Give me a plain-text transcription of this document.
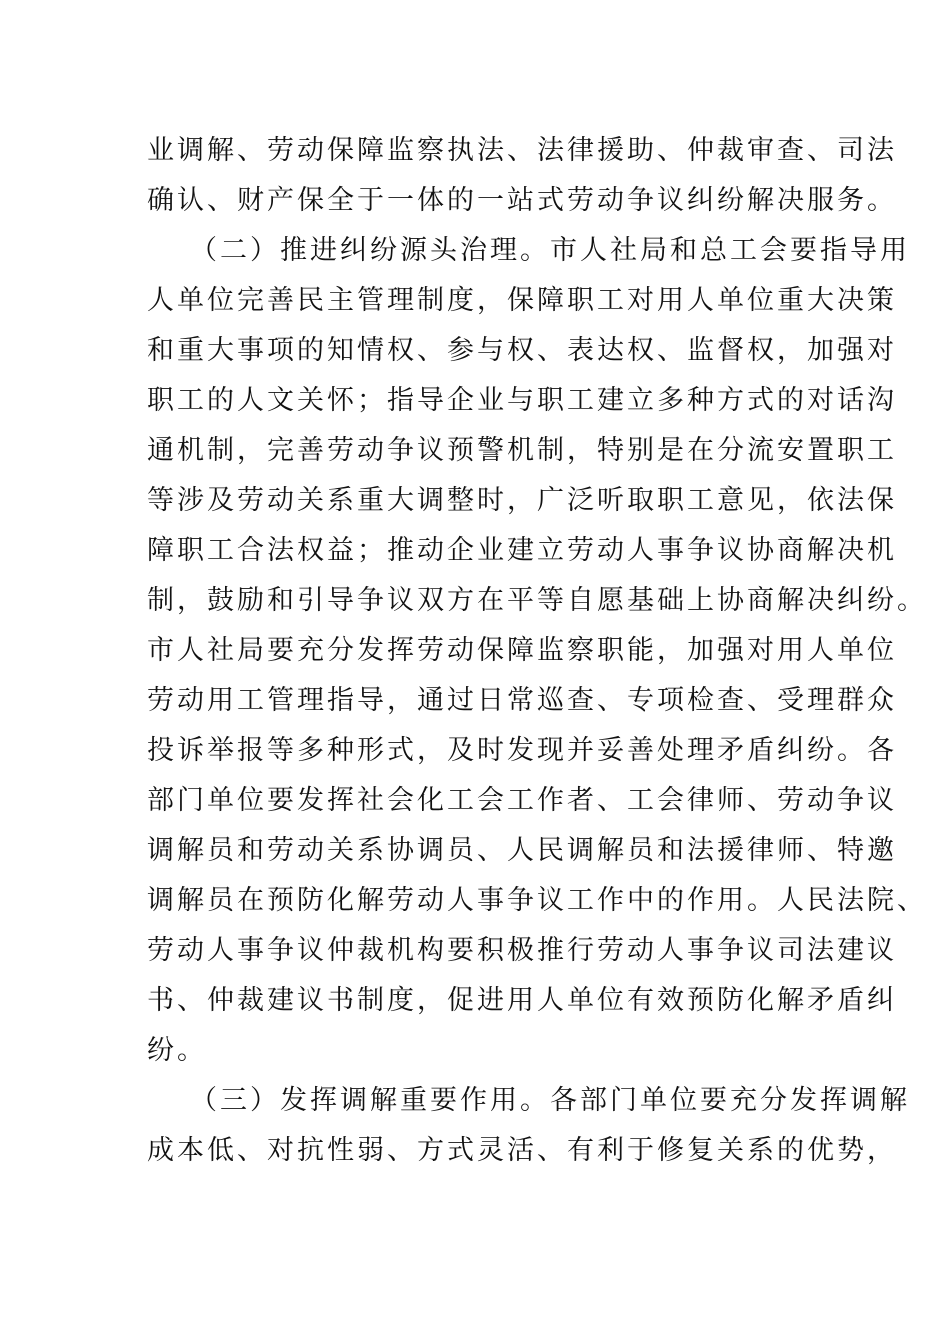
业调解、劳动保障监察执法、法律援助、仲裁审查、司法
确认、财产保全于一体的一站式劳动争议纠纷解决服务。
（二）推进纠纷源头治理。市人社局和总工会要指导用
人单位完善民主管理制度，保障职工对用人单位重大决策
和重大事项的知情权、参与权、表达权、监督权，加强对
职工的人文关怀；指导企业与职工建立多种方式的对话沟
通机制，完善劳动争议预警机制，特别是在分流安置职工
等涉及劳动关系重大调整时，广泛听取职工意见，依法保
障职工合法权益；推动企业建立劳动人事争议协商解决机
制，鼓励和引导争议双方在平等自愿基础上协商解决纠纷。
市人社局要充分发挥劳动保障监察职能，加强对用人单位
劳动用工管理指导，通过日常巡查、专项检查、受理群众
投诉举报等多种形式，及时发现并妥善处理矛盾纠纷。各
部门单位要发挥社会化工会工作者、工会律师、劳动争议
调解员和劳动关系协调员、人民调解员和法援律师、特邀
调解员在预防化解劳动人事争议工作中的作用。人民法院、
劳动人事争议仲裁机构要积极推行劳动人事争议司法建议
书、仲裁建议书制度，促进用人单位有效预防化解矛盾纠
纷。
（三）发挥调解重要作用。各部门单位要充分发挥调解
成本低、对抗性弱、方式灵活、有利于修复关系的优势，
